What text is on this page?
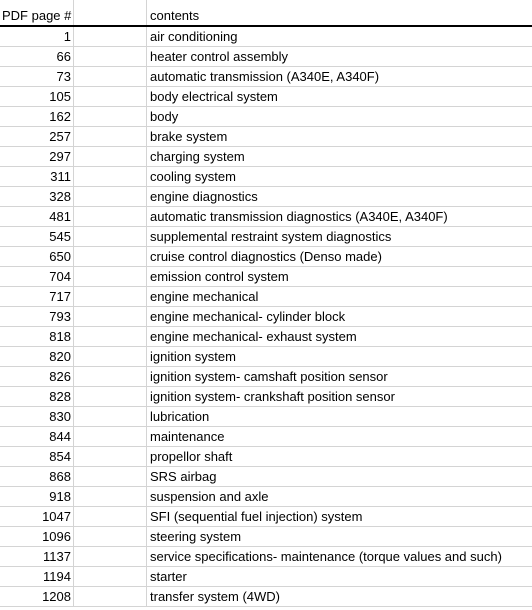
PDF page #	contents
1	air conditioning
66	heater control assembly
73	automatic transmission (A340E, A340F)
105	body electrical system
162	body
257	brake system
297	charging system
311	cooling system
328	engine diagnostics
481	automatic transmission diagnostics (A340E, A340F)
545	supplemental restraint system diagnostics
650	cruise control diagnostics (Denso made)
704	emission control system
717	engine mechanical
793	engine mechanical- cylinder block
818	engine mechanical- exhaust system
820	ignition system
826	ignition system- camshaft position sensor
828	ignition system- crankshaft position sensor
830	lubrication
844	maintenance
854	propellor shaft
868	SRS airbag
918	suspension and axle
1047	SFI (sequential fuel injection) system
1096	steering system
1137	service specifications- maintenance (torque values and such)
1194	starter
1208	transfer system (4WD)
